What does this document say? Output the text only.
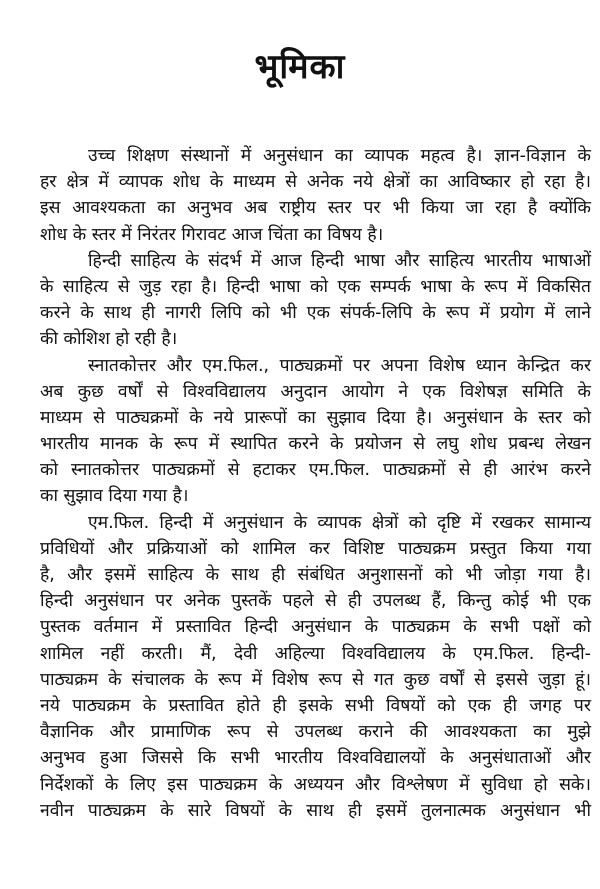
भूमिका
उच्च शिक्षण संस्थानों में अनुसंधान का व्यापक महत्व है। ज्ञान-विज्ञान के
हर क्षेत्र में व्यापक शोध के माध्यम से अनेक नये क्षेत्रों का आविष्कार हो रहा है।
इस आवश्यकता का अनुभव अब राष्ट्रीय स्तर पर भी किया जा रहा है क्योंकि
शोध के स्तर में निरंतर गिरावट आज चिंता का विषय है।
हिन्दी साहित्य के संदर्भ में आज हिन्दी भाषा और साहित्य भारतीय भाषाओं
के साहित्य से जुड़ रहा है। हिन्दी भाषा को एक सम्पर्क भाषा के रूप में विकसित
करने के साथ ही नागरी लिपि को भी एक संपर्क-लिपि के रूप में प्रयोग में लाने
की कोशिश हो रही है।
स्नातकोत्तर और एम.फिल., पाठ्यक्रमों पर अपना विशेष ध्यान केन्द्रित कर
अब कुछ वर्षों से विश्वविद्यालय अनुदान आयोग ने एक विशेषज्ञ समिति के
माध्यम से पाठ्यक्रमों के नये प्रारूपों का सुझाव दिया है। अनुसंधान के स्तर को
भारतीय मानक के रूप में स्थापित करने के प्रयोजन से लघु शोध प्रबन्ध लेखन
को स्नातकोत्तर पाठ्यक्रमों से हटाकर एम.फिल. पाठ्यक्रमों से ही आरंभ करने
का सुझाव दिया गया है।
एम.फिल. हिन्दी में अनुसंधान के व्यापक क्षेत्रों को दृष्टि में रखकर सामान्य
प्रविधियों और प्रक्रियाओं को शामिल कर विशिष्ट पाठ्यक्रम प्रस्तुत किया गया
है, और इसमें साहित्य के साथ ही संबंधित अनुशासनों को भी जोड़ा गया है।
हिन्दी अनुसंधान पर अनेक पुस्तकें पहले से ही उपलब्ध हैं, किन्तु कोई भी एक
पुस्तक वर्तमान में प्रस्तावित हिन्दी अनुसंधान के पाठ्यक्रम के सभी पक्षों को
शामिल नहीं करती। मैं, देवी अहिल्या विश्वविद्यालय के एम.फिल. हिन्दी-
पाठ्यक्रम के संचालक के रूप में विशेष रूप से गत कुछ वर्षों से इससे जुड़ा हूं।
नये पाठ्यक्रम के प्रस्तावित होते ही इसके सभी विषयों को एक ही जगह पर
वैज्ञानिक और प्रामाणिक रूप से उपलब्ध कराने की आवश्यकता का मुझे
अनुभव हुआ जिससे कि सभी भारतीय विश्वविद्यालयों के अनुसंधाताओं और
निर्देशकों के लिए इस पाठ्यक्रम के अध्ययन और विश्लेषण में सुविधा हो सके।
नवीन पाठ्यक्रम के सारे विषयों के साथ ही इसमें तुलनात्मक अनुसंधान भी
